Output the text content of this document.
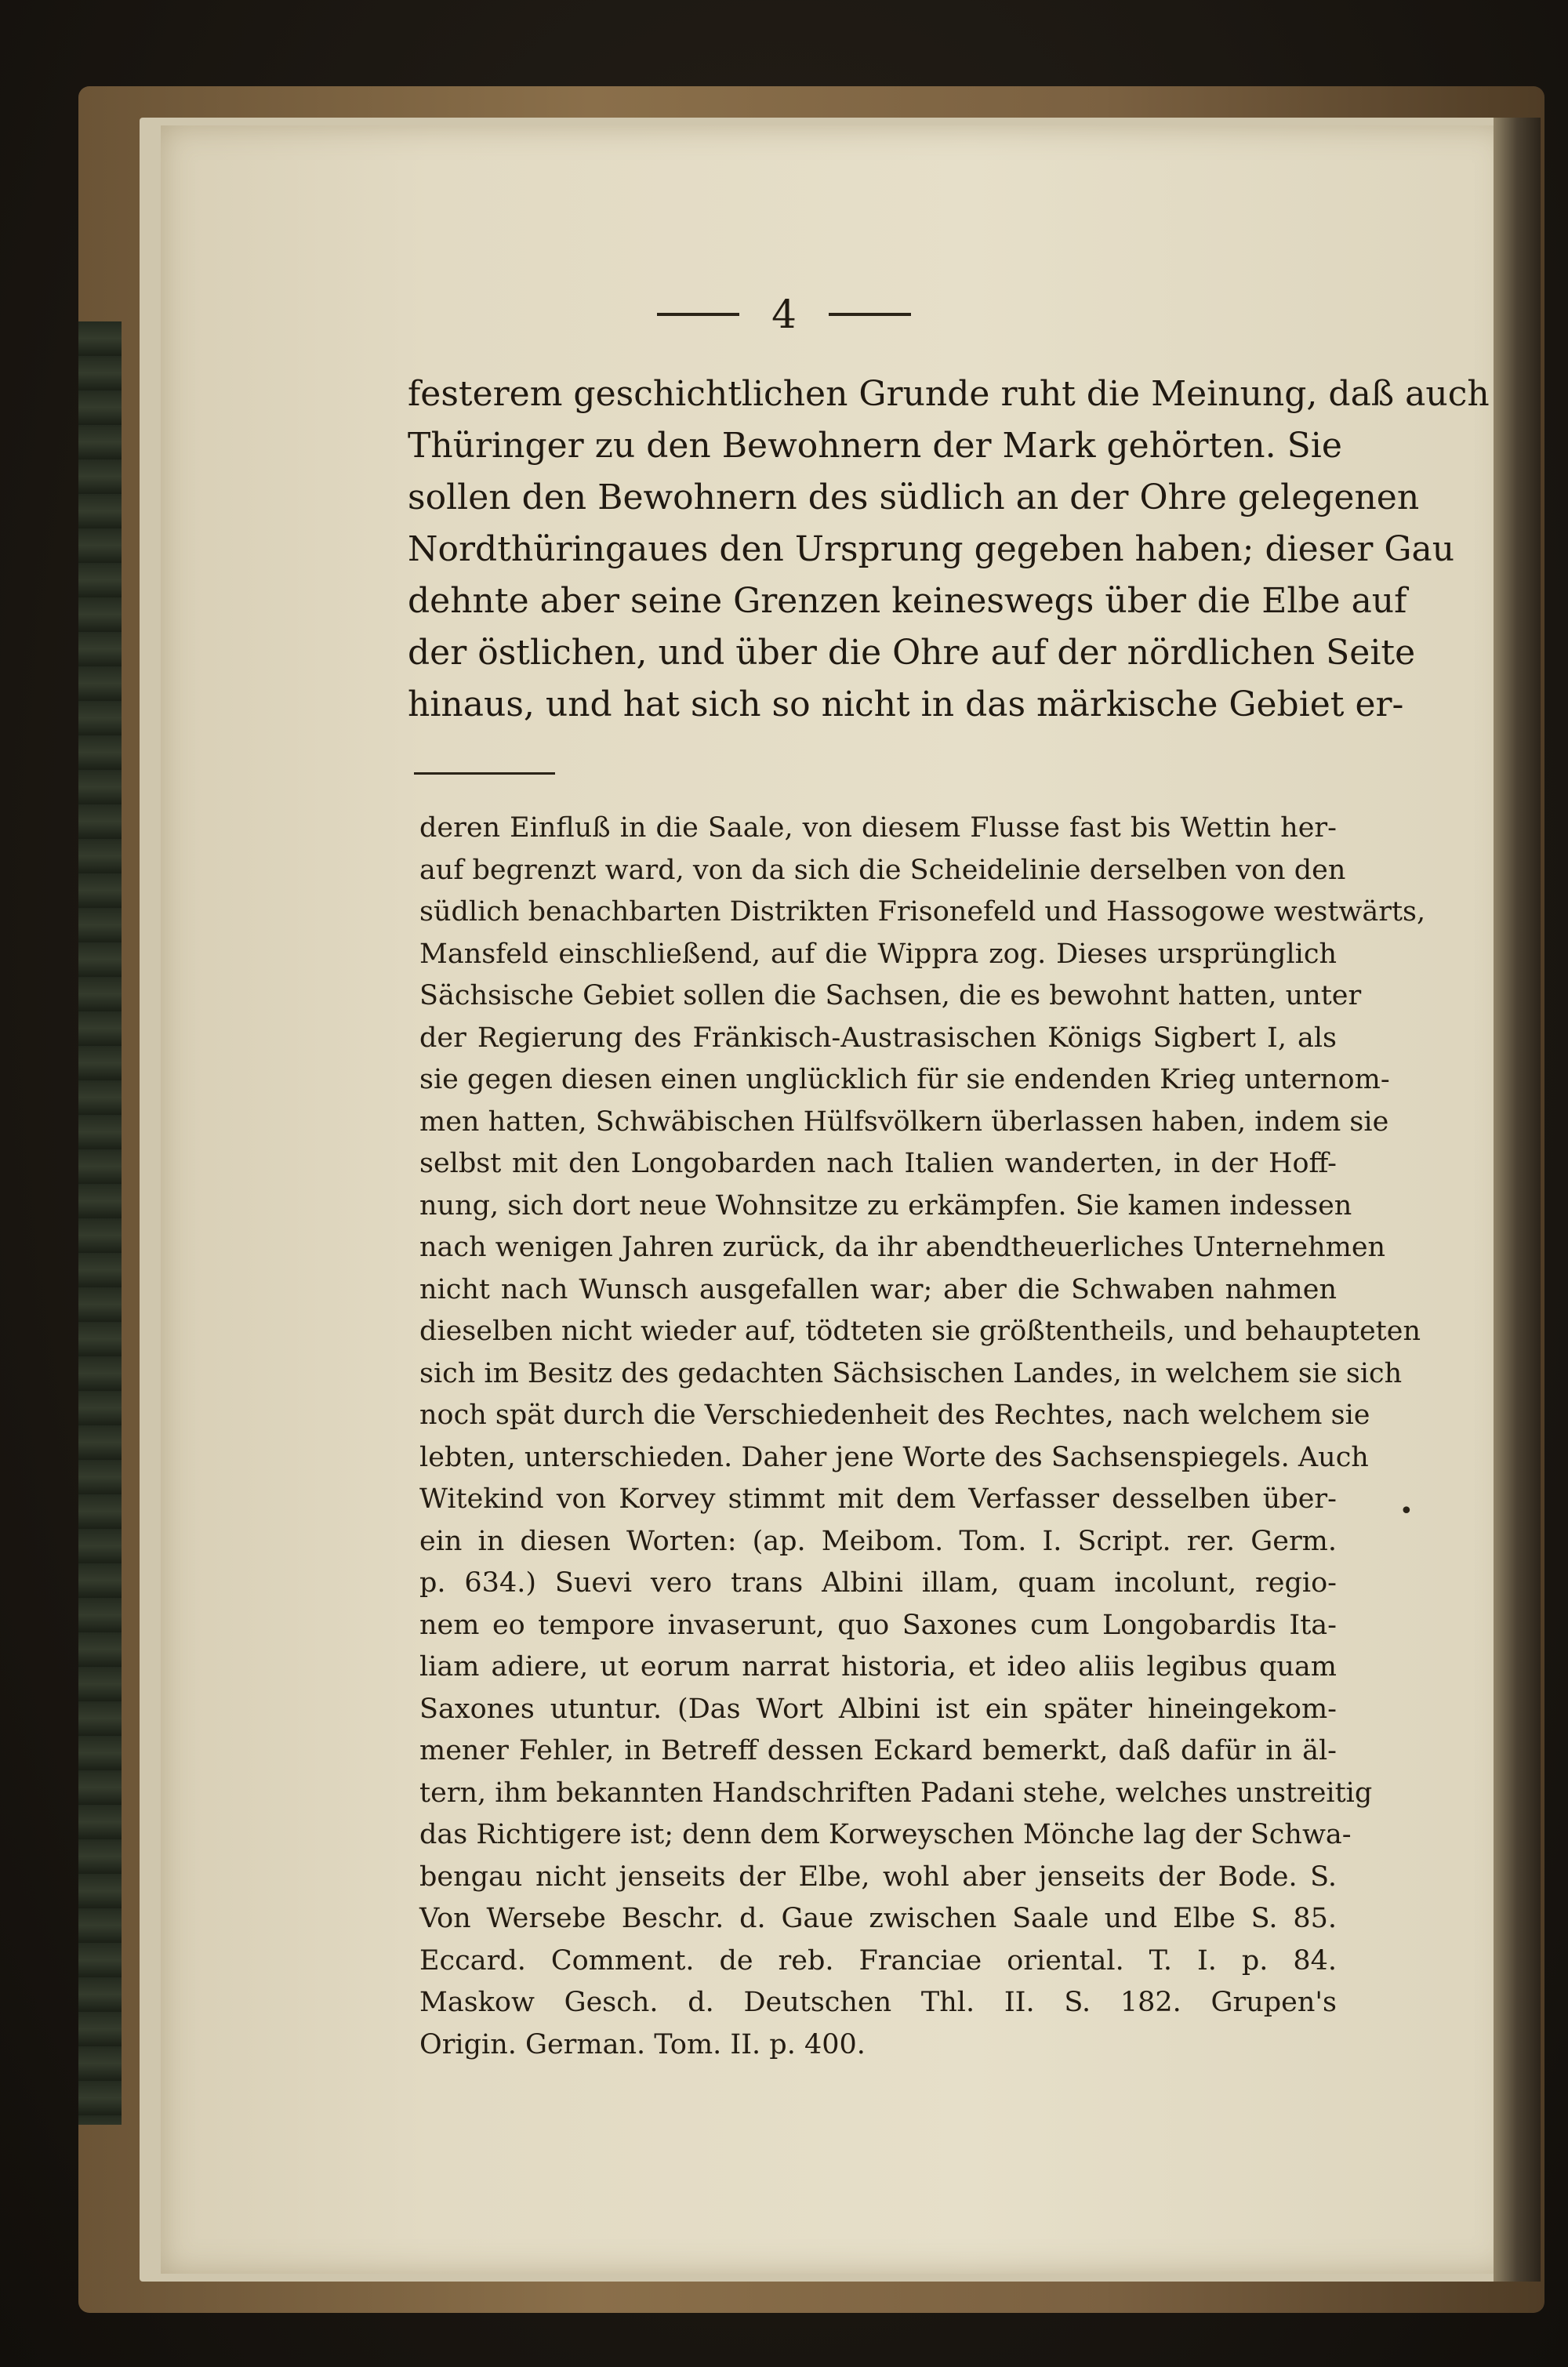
4
festerem geschichtlichen Grunde ruht die Meinung, daß auch
Thüringer zu den Bewohnern der Mark gehörten. Sie
sollen den Bewohnern des südlich an der Ohre gelegenen
Nordthüringaues den Ursprung gegeben haben; dieser Gau
dehnte aber seine Grenzen keineswegs über die Elbe auf
der östlichen, und über die Ohre auf der nördlichen Seite
hinaus, und hat sich so nicht in das märkische Gebiet er-
deren Einfluß in die Saale, von diesem Flusse fast bis Wettin her-
auf begrenzt ward, von da sich die Scheidelinie derselben von den
südlich benachbarten Distrikten Frisonefeld und Hassogowe westwärts,
Mansfeld einschließend, auf die Wippra zog. Dieses ursprünglich
Sächsische Gebiet sollen die Sachsen, die es bewohnt hatten, unter
der Regierung des Fränkisch-Austrasischen Königs Sigbert I, als
sie gegen diesen einen unglücklich für sie endenden Krieg unternom-
men hatten, Schwäbischen Hülfsvölkern überlassen haben, indem sie
selbst mit den Longobarden nach Italien wanderten, in der Hoff-
nung, sich dort neue Wohnsitze zu erkämpfen. Sie kamen indessen
nach wenigen Jahren zurück, da ihr abendtheuerliches Unternehmen
nicht nach Wunsch ausgefallen war; aber die Schwaben nahmen
dieselben nicht wieder auf, tödteten sie größtentheils, und behaupteten
sich im Besitz des gedachten Sächsischen Landes, in welchem sie sich
noch spät durch die Verschiedenheit des Rechtes, nach welchem sie
lebten, unterschieden. Daher jene Worte des Sachsenspiegels. Auch
Witekind von Korvey stimmt mit dem Verfasser desselben über-
ein in diesen Worten: (ap. Meibom. Tom. I. Script. rer. Germ.
p. 634.) Suevi vero trans Albini illam, quam incolunt, regio-
nem eo tempore invaserunt, quo Saxones cum Longobardis Ita-
liam adiere, ut eorum narrat historia, et ideo aliis legibus quam
Saxones utuntur. (Das Wort Albini ist ein später hineingekom-
mener Fehler, in Betreff dessen Eckard bemerkt, daß dafür in äl-
tern, ihm bekannten Handschriften Padani stehe, welches unstreitig
das Richtigere ist; denn dem Korweyschen Mönche lag der Schwa-
bengau nicht jenseits der Elbe, wohl aber jenseits der Bode. S.
Von Wersebe Beschr. d. Gaue zwischen Saale und Elbe S. 85.
Eccard. Comment. de reb. Franciae oriental. T. I. p. 84.
Maskow Gesch. d. Deutschen Thl. II. S. 182. Grupen's
Origin. German. Tom. II. p. 400.
•
